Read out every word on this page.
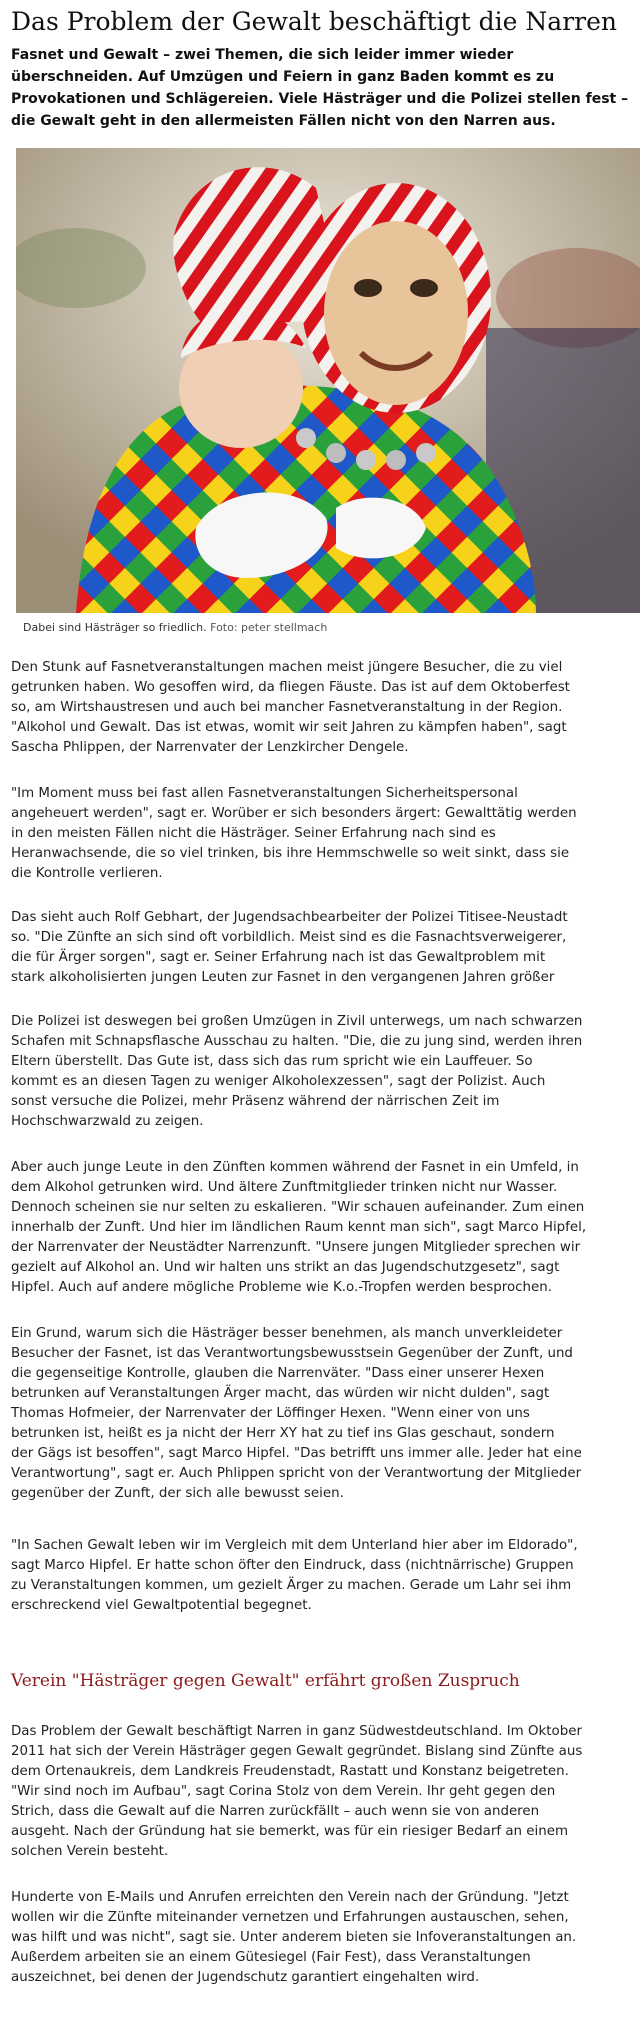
Das Problem der Gewalt beschäftigt die Narren

Fasnet und Gewalt – zwei Themen, die sich leider immer wieder
überschneiden. Auf Umzügen und Feiern in ganz Baden kommt es zu
Provokationen und Schlägereien. Viele Hästräger und die Polizei stellen fest –
die Gewalt geht in den allermeisten Fällen nicht von den Narren aus.

Dabei sind Hästräger so friedlich. Foto: peter stellmach

Den Stunk auf Fasnetveranstaltungen machen meist jüngere Besucher, die zu viel
getrunken haben. Wo gesoffen wird, da fliegen Fäuste. Das ist auf dem Oktoberfest
so, am Wirtshaustresen und auch bei mancher Fasnetveranstaltung in der Region.
"Alkohol und Gewalt. Das ist etwas, womit wir seit Jahren zu kämpfen haben", sagt
Sascha Phlippen, der Narrenvater der Lenzkircher Dengele.

"Im Moment muss bei fast allen Fasnetveranstaltungen Sicherheitspersonal
angeheuert werden", sagt er. Worüber er sich besonders ärgert: Gewalttätig werden
in den meisten Fällen nicht die Hästräger. Seiner Erfahrung nach sind es
Heranwachsende, die so viel trinken, bis ihre Hemmschwelle so weit sinkt, dass sie
die Kontrolle verlieren.

Das sieht auch Rolf Gebhart, der Jugendsachbearbeiter der Polizei Titisee-Neustadt
so. "Die Zünfte an sich sind oft vorbildlich. Meist sind es die Fasnachtsverweigerer,
die für Ärger sorgen", sagt er. Seiner Erfahrung nach ist das Gewaltproblem mit
stark alkoholisierten jungen Leuten zur Fasnet in den vergangenen Jahren größer

Die Polizei ist deswegen bei großen Umzügen in Zivil unterwegs, um nach schwarzen
Schafen mit Schnapsflasche Ausschau zu halten. "Die, die zu jung sind, werden ihren
Eltern überstellt. Das Gute ist, dass sich das rum spricht wie ein Lauffeuer. So
kommt es an diesen Tagen zu weniger Alkoholexzessen", sagt der Polizist. Auch
sonst versuche die Polizei, mehr Präsenz während der närrischen Zeit im
Hochschwarzwald zu zeigen.

Aber auch junge Leute in den Zünften kommen während der Fasnet in ein Umfeld, in
dem Alkohol getrunken wird. Und ältere Zunftmitglieder trinken nicht nur Wasser.
Dennoch scheinen sie nur selten zu eskalieren. "Wir schauen aufeinander. Zum einen
innerhalb der Zunft. Und hier im ländlichen Raum kennt man sich", sagt Marco Hipfel,
der Narrenvater der Neustädter Narrenzunft. "Unsere jungen Mitglieder sprechen wir
gezielt auf Alkohol an. Und wir halten uns strikt an das Jugendschutzgesetz", sagt
Hipfel. Auch auf andere mögliche Probleme wie K.o.-Tropfen werden besprochen.

Ein Grund, warum sich die Hästräger besser benehmen, als manch unverkleideter
Besucher der Fasnet, ist das Verantwortungsbewusstsein Gegenüber der Zunft, und
die gegenseitige Kontrolle, glauben die Narrenväter. "Dass einer unserer Hexen
betrunken auf Veranstaltungen Ärger macht, das würden wir nicht dulden", sagt
Thomas Hofmeier, der Narrenvater der Löffinger Hexen. "Wenn einer von uns
betrunken ist, heißt es ja nicht der Herr XY hat zu tief ins Glas geschaut, sondern
der Gägs ist besoffen", sagt Marco Hipfel. "Das betrifft uns immer alle. Jeder hat eine
Verantwortung", sagt er. Auch Phlippen spricht von der Verantwortung der Mitglieder
gegenüber der Zunft, der sich alle bewusst seien.

"In Sachen Gewalt leben wir im Vergleich mit dem Unterland hier aber im Eldorado",
sagt Marco Hipfel. Er hatte schon öfter den Eindruck, dass (nichtnärrische) Gruppen
zu Veranstaltungen kommen, um gezielt Ärger zu machen. Gerade um Lahr sei ihm
erschreckend viel Gewaltpotential begegnet.

Verein "Hästräger gegen Gewalt" erfährt großen Zuspruch

Das Problem der Gewalt beschäftigt Narren in ganz Südwestdeutschland. Im Oktober
2011 hat sich der Verein Hästräger gegen Gewalt gegründet. Bislang sind Zünfte aus
dem Ortenaukreis, dem Landkreis Freudenstadt, Rastatt und Konstanz beigetreten.
"Wir sind noch im Aufbau", sagt Corina Stolz von dem Verein. Ihr geht gegen den
Strich, dass die Gewalt auf die Narren zurückfällt – auch wenn sie von anderen
ausgeht. Nach der Gründung hat sie bemerkt, was für ein riesiger Bedarf an einem
solchen Verein besteht.

Hunderte von E-Mails und Anrufen erreichten den Verein nach der Gründung. "Jetzt
wollen wir die Zünfte miteinander vernetzen und Erfahrungen austauschen, sehen,
was hilft und was nicht", sagt sie. Unter anderem bieten sie Infoveranstaltungen an.
Außerdem arbeiten sie an einem Gütesiegel (Fair Fest), dass Veranstaltungen
auszeichnet, bei denen der Jugendschutz garantiert eingehalten wird.
